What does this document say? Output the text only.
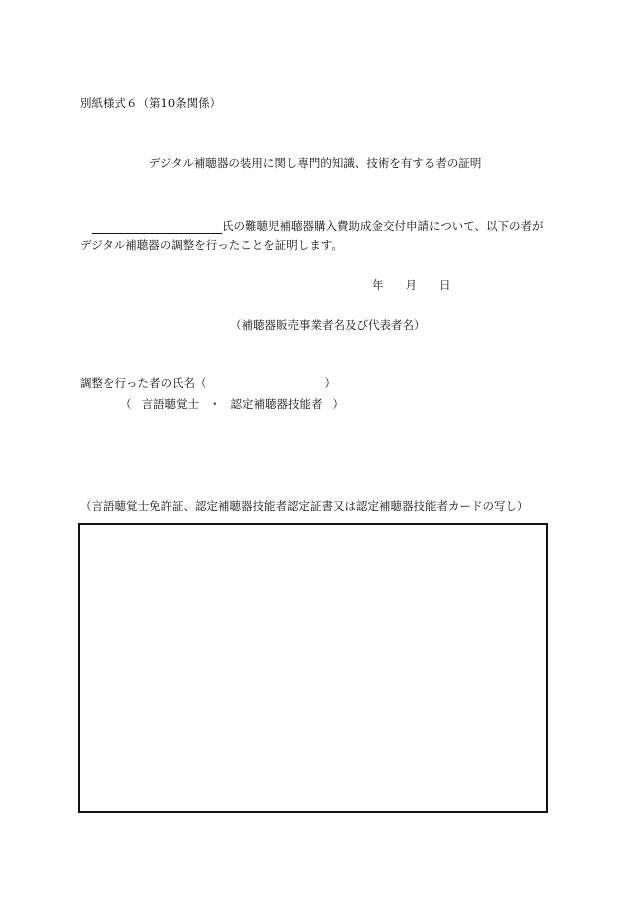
別紙様式６（第10条関係）
デジタル補聴器の装用に関し専門的知識、技術を有する者の証明
氏の難聴児補聴器購入費助成金交付申請について、以下の者が
デジタル補聴器の調整を行ったことを証明します。
年 月 日
（補聴器販売事業者名及び代表者名）
調整を行った者の氏名（	）
（ 言語聴覚士 ・ 認定補聴器技能者 ）
（言語聴覚士免許証、認定補聴器技能者認定証書又は認定補聴器技能者カードの写し）
